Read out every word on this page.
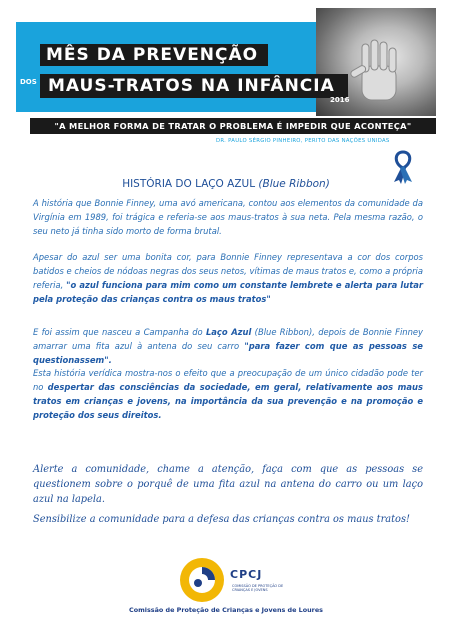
MÊS DA PREVENÇÃO
DOS MAUS-TRATOS NA INFÂNCIA
2016
"A MELHOR FORMA DE TRATAR O PROBLEMA É IMPEDIR QUE ACONTEÇA"
DR. PAULO SÉRGIO PINHEIRO, PERITO DAS NAÇÕES UNIDAS
HISTÓRIA DO LAÇO AZUL (Blue Ribbon)

A história que Bonnie Finney, uma avó americana, contou aos elementos da comunidade da Virgínia em 1989, foi trágica e referia-se aos maus-tratos à sua neta. Pela mesma razão, o seu neto já tinha sido morto de forma brutal.

Apesar do azul ser uma bonita cor, para Bonnie Finney representava a cor dos corpos batidos e cheios de nódoas negras dos seus netos, vítimas de maus tratos e, como a própria referia, "o azul funciona para mim como um constante lembrete e alerta para lutar pela proteção das crianças contra os maus tratos"

E foi assim que nasceu a Campanha do Laço Azul (Blue Ribbon), depois de Bonnie Finney amarrar uma fita azul à antena do seu carro "para fazer com que as pessoas se questionassem".

Esta história verídica mostra-nos o efeito que a preocupação de um único cidadão pode ter no despertar das consciências da sociedade, em geral, relativamente aos maus tratos em crianças e jovens, na importância da sua prevenção e na promoção e proteção dos seus direitos.

Alerte a comunidade, chame a atenção, faça com que as pessoas se questionem sobre o porquê de uma fita azul na antena do carro ou um laço azul na lapela.

Sensibilize a comunidade para a defesa das crianças contra os maus tratos!

CPCJ
COMISSÃO DE PROTEÇÃO DE CRIANÇAS E JOVENS
Comissão de Proteção de Crianças e Jovens de Loures
